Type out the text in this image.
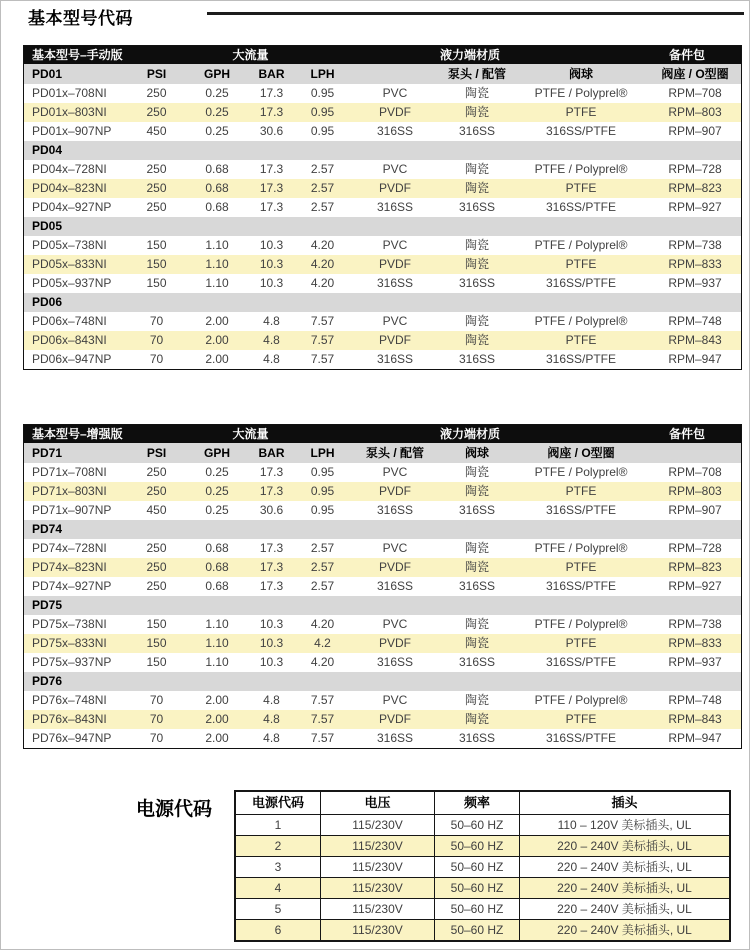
基本型号代码
基本型号–手动版	大流量	液力端材质	备件包
PD01	PSI	GPH	BAR	LPH	泵头 / 配管	阀球	阀座 / O型圈
PD01x–708NI	250	0.25	17.3	0.95	PVC	陶瓷	PTFE / Polyprel®	RPM–708
PD01x–803NI	250	0.25	17.3	0.95	PVDF	陶瓷	PTFE	RPM–803
PD01x–907NP	450	0.25	30.6	0.95	316SS	316SS	316SS/PTFE	RPM–907
PD04
PD04x–728NI	250	0.68	17.3	2.57	PVC	陶瓷	PTFE / Polyprel®	RPM–728
PD04x–823NI	250	0.68	17.3	2.57	PVDF	陶瓷	PTFE	RPM–823
PD04x–927NP	250	0.68	17.3	2.57	316SS	316SS	316SS/PTFE	RPM–927
PD05
PD05x–738NI	150	1.10	10.3	4.20	PVC	陶瓷	PTFE / Polyprel®	RPM–738
PD05x–833NI	150	1.10	10.3	4.20	PVDF	陶瓷	PTFE	RPM–833
PD05x–937NP	150	1.10	10.3	4.20	316SS	316SS	316SS/PTFE	RPM–937
PD06
PD06x–748NI	70	2.00	4.8	7.57	PVC	陶瓷	PTFE / Polyprel®	RPM–748
PD06x–843NI	70	2.00	4.8	7.57	PVDF	陶瓷	PTFE	RPM–843
PD06x–947NP	70	2.00	4.8	7.57	316SS	316SS	316SS/PTFE	RPM–947
基本型号–增强版	大流量	液力端材质	备件包
PD71	PSI	GPH	BAR	LPH	泵头 / 配管	阀球	阀座 / O型圈
PD71x–708NI	250	0.25	17.3	0.95	PVC	陶瓷	PTFE / Polyprel®	RPM–708
PD71x–803NI	250	0.25	17.3	0.95	PVDF	陶瓷	PTFE	RPM–803
PD71x–907NP	450	0.25	30.6	0.95	316SS	316SS	316SS/PTFE	RPM–907
PD74
PD74x–728NI	250	0.68	17.3	2.57	PVC	陶瓷	PTFE / Polyprel®	RPM–728
PD74x–823NI	250	0.68	17.3	2.57	PVDF	陶瓷	PTFE	RPM–823
PD74x–927NP	250	0.68	17.3	2.57	316SS	316SS	316SS/PTFE	RPM–927
PD75
PD75x–738NI	150	1.10	10.3	4.20	PVC	陶瓷	PTFE / Polyprel®	RPM–738
PD75x–833NI	150	1.10	10.3	4.2	PVDF	陶瓷	PTFE	RPM–833
PD75x–937NP	150	1.10	10.3	4.20	316SS	316SS	316SS/PTFE	RPM–937
PD76
PD76x–748NI	70	2.00	4.8	7.57	PVC	陶瓷	PTFE / Polyprel®	RPM–748
PD76x–843NI	70	2.00	4.8	7.57	PVDF	陶瓷	PTFE	RPM–843
PD76x–947NP	70	2.00	4.8	7.57	316SS	316SS	316SS/PTFE	RPM–947
电源代码	电源代码	电压	频率	插头
1	115/230V	50–60 HZ	110 – 120V 美标插头, UL
2	115/230V	50–60 HZ	220 – 240V 美标插头, UL
3	115/230V	50–60 HZ	220 – 240V 美标插头, UL
4	115/230V	50–60 HZ	220 – 240V 美标插头, UL
5	115/230V	50–60 HZ	220 – 240V 美标插头, UL
6	115/230V	50–60 HZ	220 – 240V 美标插头, UL
